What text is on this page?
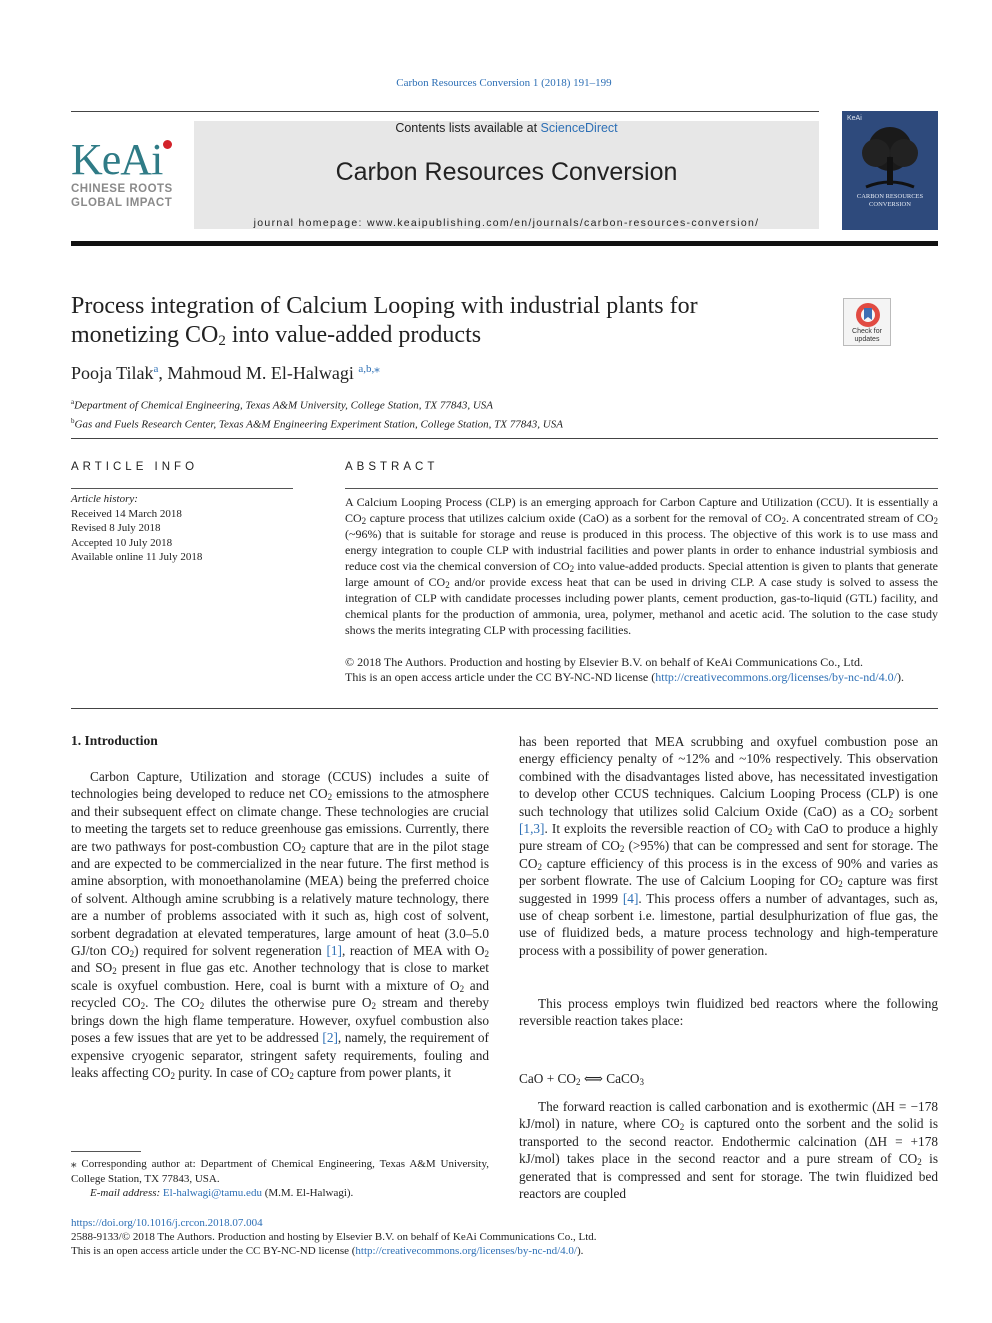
Carbon Resources Conversion 1 (2018) 191–199
KeAi
CHINESE ROOTS
GLOBAL IMPACT
Contents lists available at ScienceDirect
Carbon Resources Conversion
journal homepage: www.keaipublishing.com/en/journals/carbon-resources-conversion/
KeAi
CARBON RESOURCES CONVERSION
Process integration of Calcium Looping with industrial plants for
monetizing $CO_2$ into value-added products	Check for updates
Pooja Tilak$^a$, Mahmoud M. El-Halwagi $^{a,b,⁎}$
$^a$Department of Chemical Engineering, Texas A&M University, College Station, TX 77843, USA
$^b$Gas and Fuels Research Center, Texas A&M Engineering Experiment Station, College Station, TX 77843, USA
ARTICLE INFO	ABSTRACT
Article history:
Received 14 March 2018
Revised 8 July 2018
Accepted 10 July 2018
Available online 11 July 2018
A Calcium Looping Process (CLP) is an emerging approach for Carbon Capture and Utilization (CCU). It is essentially a $CO_2$ capture process that utilizes calcium oxide (CaO) as a sorbent for the removal of $CO_2$. A concentrated stream of $CO_2$ (~96%) that is suitable for storage and reuse is produced in this process. The objective of this work is to use mass and energy integration to couple CLP with industrial facilities and power plants in order to enhance industrial symbiosis and reduce cost via the chemical conversion of $CO_2$ into value-added products. Special attention is given to plants that generate large amount of $CO_2$ and/or provide excess heat that can be used in driving CLP. A case study is solved to assess the integration of CLP with candidate processes including power plants, cement production, gas-to-liquid (GTL) facility, and chemical plants for the production of ammonia, urea, polymer, methanol and acetic acid. The solution to the case study shows the merits integrating CLP with processing facilities.
© 2018 The Authors. Production and hosting by Elsevier B.V. on behalf of KeAi Communications Co., Ltd.
This is an open access article under the CC BY-NC-ND license (http://creativecommons.org/licenses/by-nc-nd/4.0/).
1. Introduction
Carbon Capture, Utilization and storage (CCUS) includes a suite of technologies being developed to reduce net $CO_2$ emissions to the atmosphere and their subsequent effect on climate change. These technologies are crucial to meeting the targets set to reduce greenhouse gas emissions. Currently, there are two pathways for post-combustion $CO_2$ capture that are in the pilot stage and are expected to be commercialized in the near future. The first method is amine absorption, with monoethanolamine (MEA) being the preferred choice of solvent. Although amine scrubbing is a relatively mature technology, there are a number of problems associated with it such as, high cost of solvent, sorbent degradation at elevated temperatures, large amount of heat (3.0–5.0 GJ/ton $CO_2$) required for solvent regeneration [1], reaction of MEA with $O_2$ and $SO_2$ present in flue gas etc. Another technology that is close to market scale is oxyfuel combustion. Here, coal is burnt with a mixture of $O_2$ and recycled $CO_2$. The $CO_2$ dilutes the otherwise pure $O_2$ stream and thereby brings down the high flame temperature. However, oxyfuel combustion also poses a few issues that are yet to be addressed [2], namely, the requirement of expensive cryogenic separator, stringent safety requirements, fouling and leaks affecting $CO_2$ purity. In case of $CO_2$ capture from power plants, it
has been reported that MEA scrubbing and oxyfuel combustion pose an energy efficiency penalty of ~12% and ~10% respectively. This observation combined with the disadvantages listed above, has necessitated investigation to develop other CCUS techniques. Calcium Looping Process (CLP) is one such technology that utilizes solid Calcium Oxide (CaO) as a $CO_2$ sorbent [1,3]. It exploits the reversible reaction of $CO_2$ with CaO to produce a highly pure stream of $CO_2$ (>95%) that can be compressed and sent for storage. The $CO_2$ capture efficiency of this process is in the excess of 90% and varies as per sorbent flowrate. The use of Calcium Looping for $CO_2$ capture was first suggested in 1999 [4]. This process offers a number of advantages, such as, use of cheap sorbent i.e. limestone, partial desulphurization of flue gas, the use of fluidized beds, a mature process technology and high-temperature process with a possibility of power generation.
This process employs twin fluidized bed reactors where the following reversible reaction takes place:
CaO + $CO_2$ ⟺ CaCO$_3$
The forward reaction is called carbonation and is exothermic (ΔH = −178 kJ/mol) in nature, where $CO_2$ is captured onto the sorbent and the solid is transported to the second reactor. Endothermic calcination (ΔH = +178 kJ/mol) takes place in the second reactor and a pure stream of $CO_2$ is generated that is compressed and sent for storage. The twin fluidized bed reactors are coupled
⁎ Corresponding author at: Department of Chemical Engineering, Texas A&M University, College Station, TX 77843, USA.
E-mail address: El-halwagi@tamu.edu (M.M. El-Halwagi).
https://doi.org/10.1016/j.crcon.2018.07.004
2588-9133/© 2018 The Authors. Production and hosting by Elsevier B.V. on behalf of KeAi Communications Co., Ltd.
This is an open access article under the CC BY-NC-ND license (http://creativecommons.org/licenses/by-nc-nd/4.0/).
